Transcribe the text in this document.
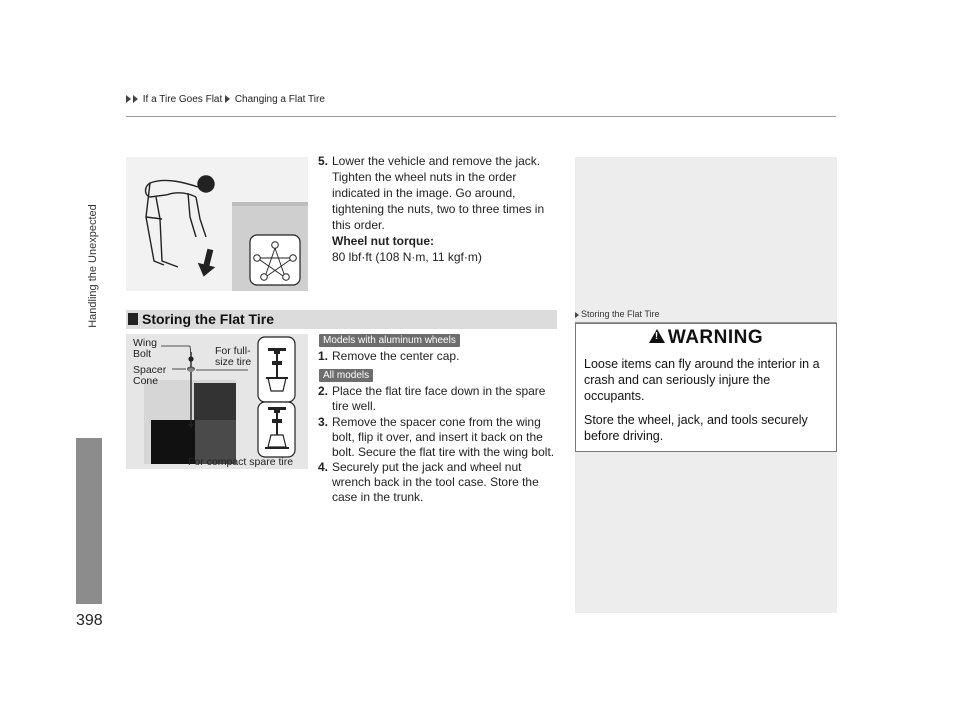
If a Tire Goes Flat Changing a Flat Tire
Handling the Unexpected
398
5. Lower the vehicle and remove the jack. Tighten the wheel nuts in the order indicated in the image. Go around, tightening the nuts, two to three times in this order.
Wheel nut torque:
80 lbf·ft (108 N·m, 11 kgf·m)
Storing the Flat Tire
Wing
Bolt
Spacer
Cone
For full-
size tire
For compact spare tire
Models with aluminum wheels
All models
1. Remove the center cap.
2. Place the flat tire face down in the spare tire well.
3. Remove the spacer cone from the wing bolt, flip it over, and insert it back on the bolt. Secure the flat tire with the wing bolt.
4. Securely put the jack and wheel nut wrench back in the tool case. Store the case in the trunk.
Storing the Flat Tire
!WARNING
Loose items can fly around the interior in a crash and can seriously injure the occupants.
Store the wheel, jack, and tools securely before driving.
